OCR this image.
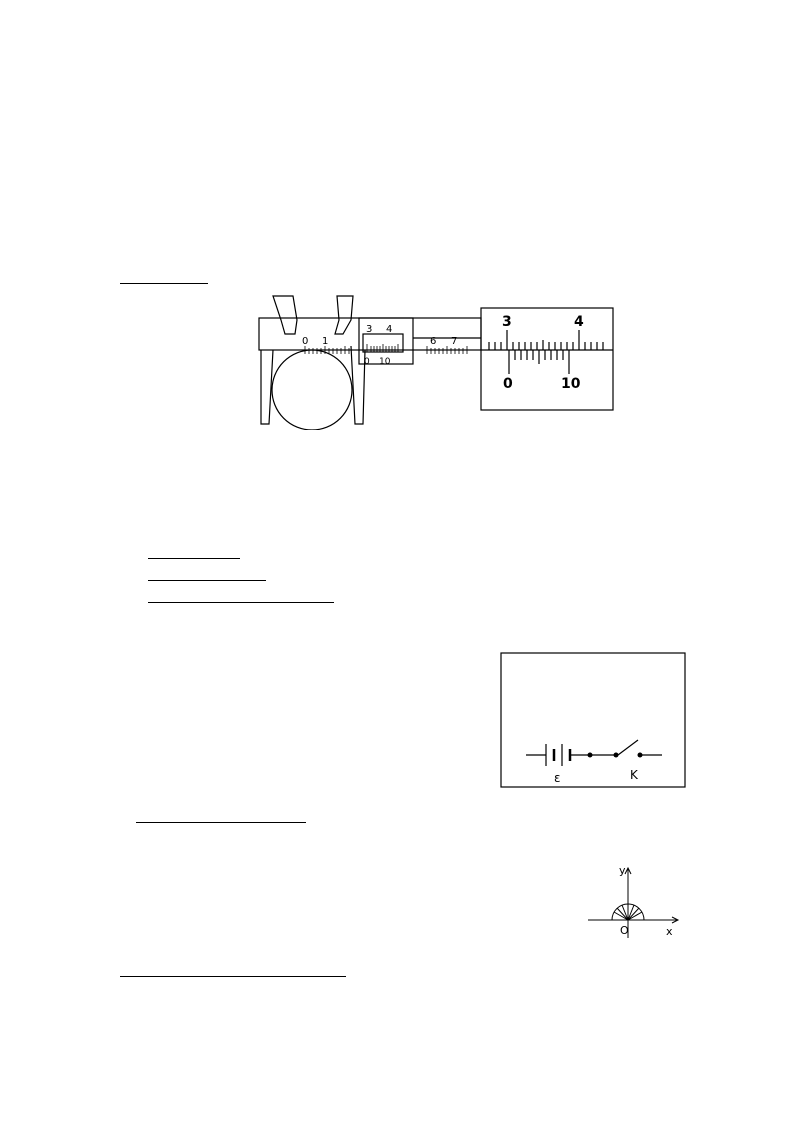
0 1
3 4
6 7
0 10
3	4
0	10
ε	K
y
x
O
